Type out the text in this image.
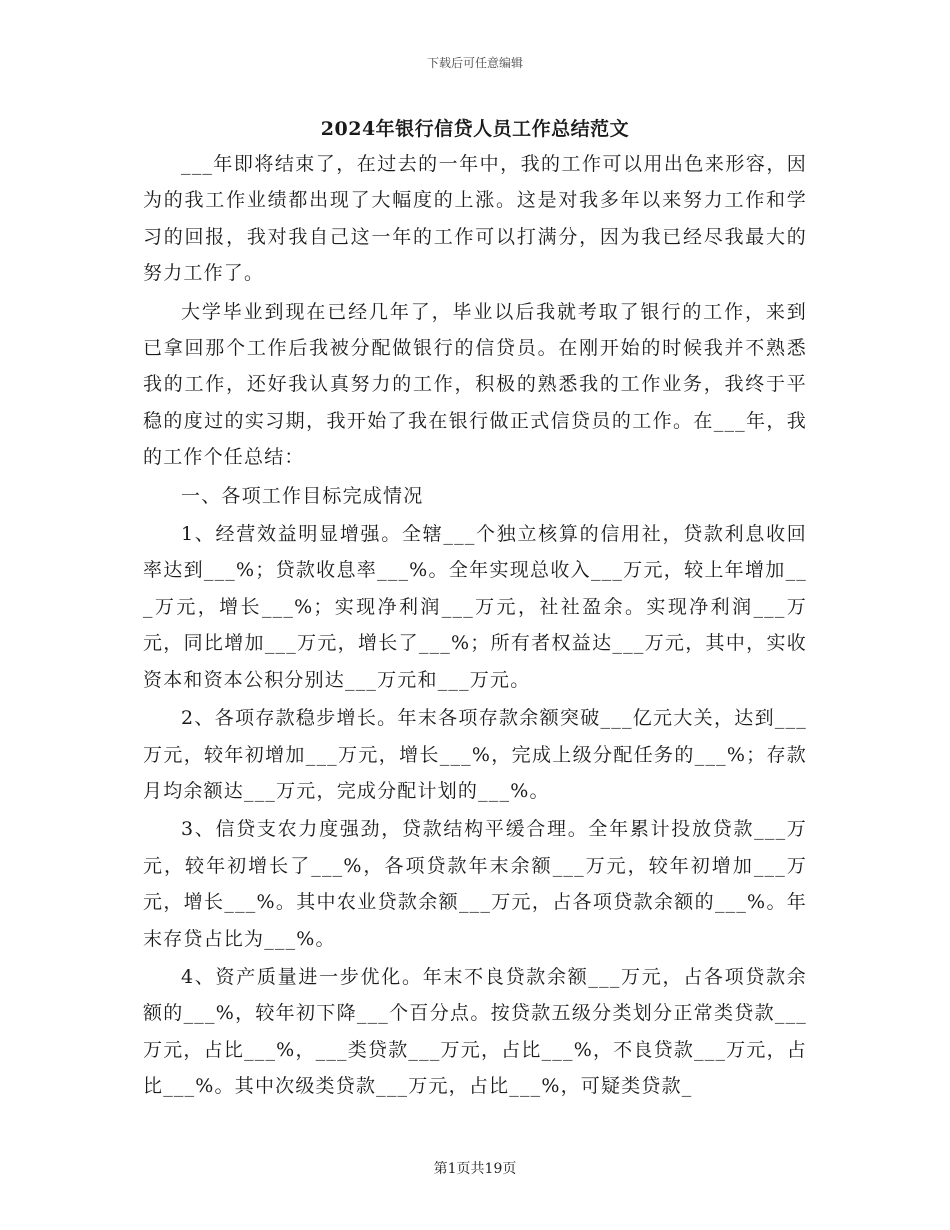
下载后可任意编辑
2024年银行信贷人员工作总结范文

___年即将结束了，在过去的一年中，我的工作可以用出色来形容，因为的我工作业绩都出现了大幅度的上涨。这是对我多年以来努力工作和学习的回报，我对我自己这一年的工作可以打满分，因为我已经尽我最大的努力工作了。

大学毕业到现在已经几年了，毕业以后我就考取了银行的工作，来到已拿回那个工作后我被分配做银行的信贷员。在刚开始的时候我并不熟悉我的工作，还好我认真努力的工作，积极的熟悉我的工作业务，我终于平稳的度过的实习期，我开始了我在银行做正式信贷员的工作。在___年，我的工作个任总结：

一、各项工作目标完成情况

1、经营效益明显增强。全辖___个独立核算的信用社，贷款利息收回率达到___%；贷款收息率___%。全年实现总收入___万元，较上年增加___万元，增长___%；实现净利润___万元，社社盈余。实现净利润___万元，同比增加___万元，增长了___%；所有者权益达___万元，其中，实收资本和资本公积分别达___万元和___万元。

2、各项存款稳步增长。年末各项存款余额突破___亿元大关，达到___万元，较年初增加___万元，增长___%，完成上级分配任务的___%；存款月均余额达___万元，完成分配计划的___%。

3、信贷支农力度强劲，贷款结构平缓合理。全年累计投放贷款___万元，较年初增长了___%，各项贷款年末余额___万元，较年初增加___万元，增长___%。其中农业贷款余额___万元，占各项贷款余额的___%。年末存贷占比为___%。

4、资产质量进一步优化。年末不良贷款余额___万元，占各项贷款余额的___%，较年初下降___个百分点。按贷款五级分类划分正常类贷款___万元，占比___%，___类贷款___万元，占比___%，不良贷款___万元，占比___%。其中次级类贷款___万元，占比___%，可疑类贷款_

第1页共19页
